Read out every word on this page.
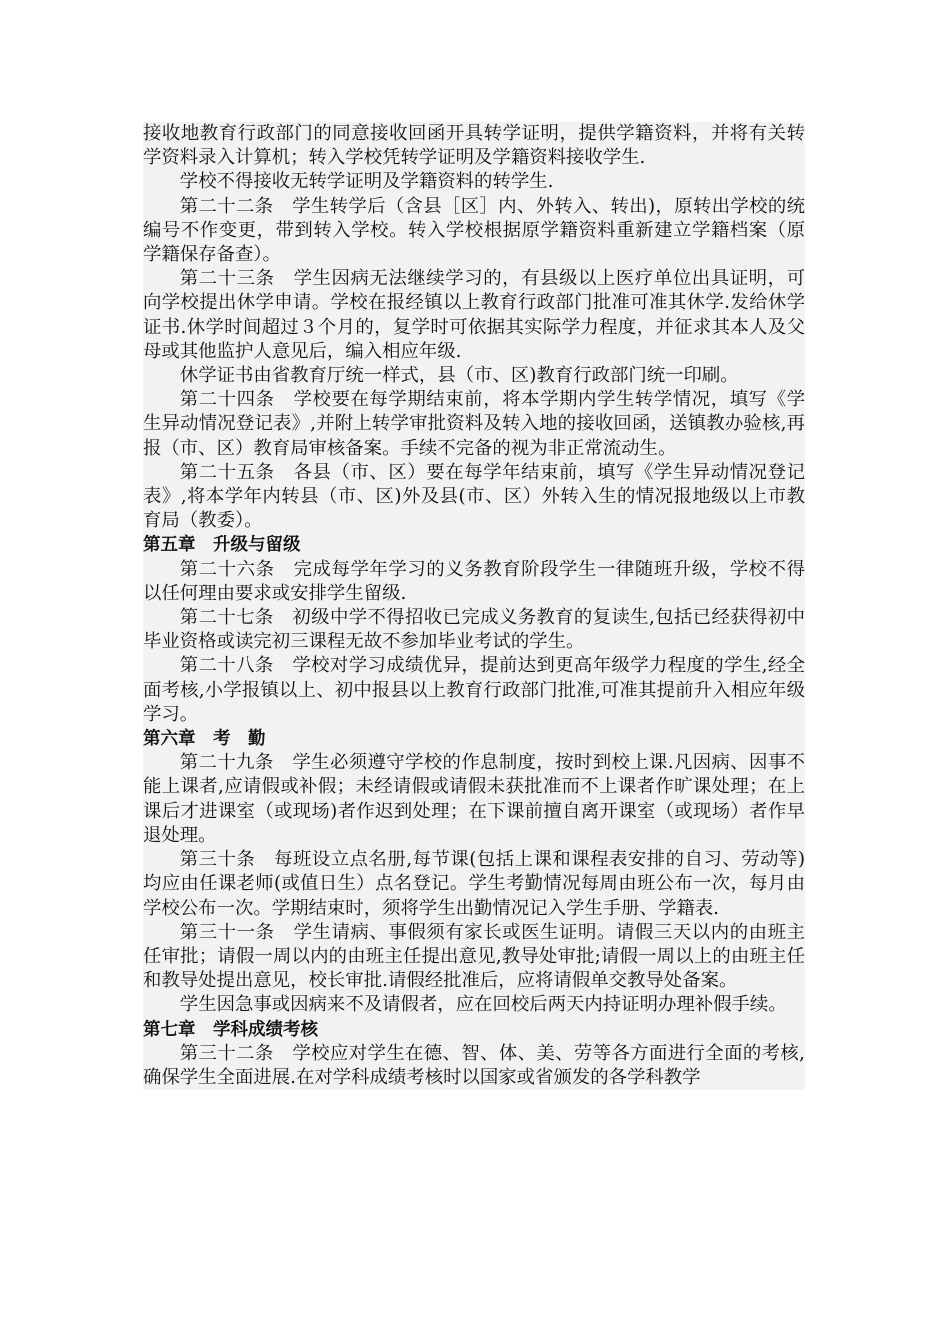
接收地教育行政部门的同意接收回函开具转学证明，提供学籍资料，并将有关转学资料录入计算机；转入学校凭转学证明及学籍资料接收学生.

学校不得接收无转学证明及学籍资料的转学生.

第二十二条　学生转学后（含县［区］内、外转入、转出)，原转出学校的统编号不作变更，带到转入学校。转入学校根据原学籍资料重新建立学籍档案（原学籍保存备查）。

第二十三条　学生因病无法继续学习的，有县级以上医疗单位出具证明，可向学校提出休学申请。学校在报经镇以上教育行政部门批准可准其休学.发给休学证书.休学时间超过３个月的，复学时可依据其实际学力程度，并征求其本人及父母或其他监护人意见后，编入相应年级.

休学证书由省教育厅统一样式，县（市、区)教育行政部门统一印刷。

第二十四条　学校要在每学期结束前，将本学期内学生转学情况，填写《学生异动情况登记表》,并附上转学审批资料及转入地的接收回函，送镇教办验核,再报（市、区）教育局审核备案。手续不完备的视为非正常流动生。

第二十五条　各县（市、区）要在每学年结束前，填写《学生异动情况登记表》,将本学年内转县（市、区)外及县(市、区）外转入生的情况报地级以上市教育局（教委）。

第五章　升级与留级

第二十六条　完成每学年学习的义务教育阶段学生一律随班升级，学校不得以任何理由要求或安排学生留级.

第二十七条　初级中学不得招收已完成义务教育的复读生,包括已经获得初中毕业资格或读完初三课程无故不参加毕业考试的学生。

第二十八条　学校对学习成绩优异，提前达到更高年级学力程度的学生,经全面考核,小学报镇以上、初中报县以上教育行政部门批准,可准其提前升入相应年级学习。

第六章　考　勤

第二十九条　学生必须遵守学校的作息制度，按时到校上课.凡因病、因事不能上课者,应请假或补假；未经请假或请假未获批准而不上课者作旷课处理；在上课后才进课室（或现场)者作迟到处理；在下课前擅自离开课室（或现场）者作早退处理。

第三十条　每班设立点名册,每节课(包括上课和课程表安排的自习、劳动等)均应由任课老师(或值日生）点名登记。学生考勤情况每周由班公布一次，每月由学校公布一次。学期结束时，须将学生出勤情况记入学生手册、学籍表.

第三十一条　学生请病、事假须有家长或医生证明。请假三天以内的由班主任审批；请假一周以内的由班主任提出意见,教导处审批;请假一周以上的由班主任和教导处提出意见，校长审批.请假经批准后，应将请假单交教导处备案。

学生因急事或因病来不及请假者，应在回校后两天内持证明办理补假手续。

第七章　学科成绩考核

第三十二条　学校应对学生在德、智、体、美、劳等各方面进行全面的考核,确保学生全面进展.在对学科成绩考核时以国家或省颁发的各学科教学
